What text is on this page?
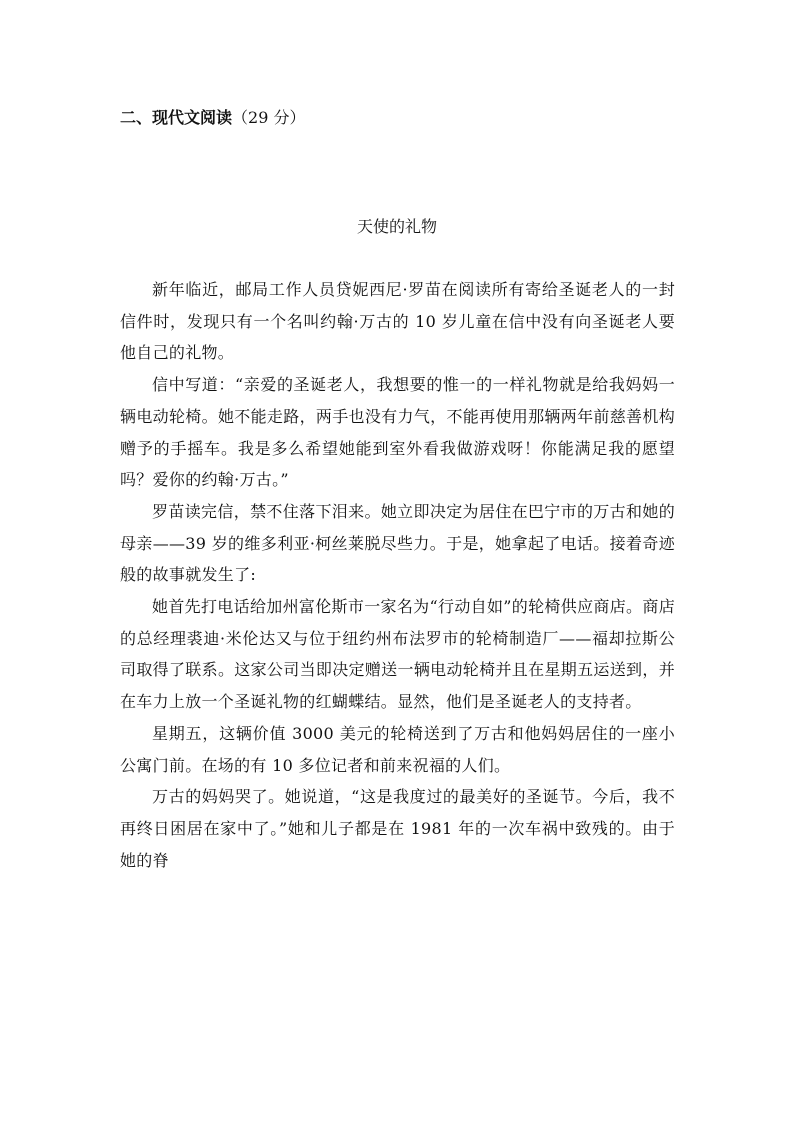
二、现代文阅读（29 分）
天使的礼物

新年临近，邮局工作人员贷妮西尼·罗苗在阅读所有寄给圣诞老人的一封信件时，发现只有一个名叫约翰·万古的 10 岁儿童在信中没有向圣诞老人要他自己的礼物。

信中写道：“亲爱的圣诞老人，我想要的惟一的一样礼物就是给我妈妈一辆电动轮椅。她不能走路，两手也没有力气，不能再使用那辆两年前慈善机构赠予的手摇车。我是多么希望她能到室外看我做游戏呀！你能满足我的愿望吗？爱你的约翰·万古。”

罗苗读完信，禁不住落下泪来。她立即决定为居住在巴宁市的万古和她的母亲——39 岁的维多利亚·柯丝莱脱尽些力。于是，她拿起了电话。接着奇迹般的故事就发生了:

她首先打电话给加州富伦斯市一家名为“行动自如”的轮椅供应商店。商店的总经理裘迪·米伦达又与位于纽约州布法罗市的轮椅制造厂——福却拉斯公司取得了联系。这家公司当即决定赠送一辆电动轮椅并且在星期五运送到，并在车力上放一个圣诞礼物的红蝴蝶结。显然，他们是圣诞老人的支持者。

星期五，这辆价值 3000 美元的轮椅送到了万古和他妈妈居住的一座小公寓门前。在场的有 10 多位记者和前来祝福的人们。

万古的妈妈哭了。她说道，“这是我度过的最美好的圣诞节。今后，我不再终日困居在家中了。”她和儿子都是在 1981 年的一次车祸中致残的。由于她的脊
